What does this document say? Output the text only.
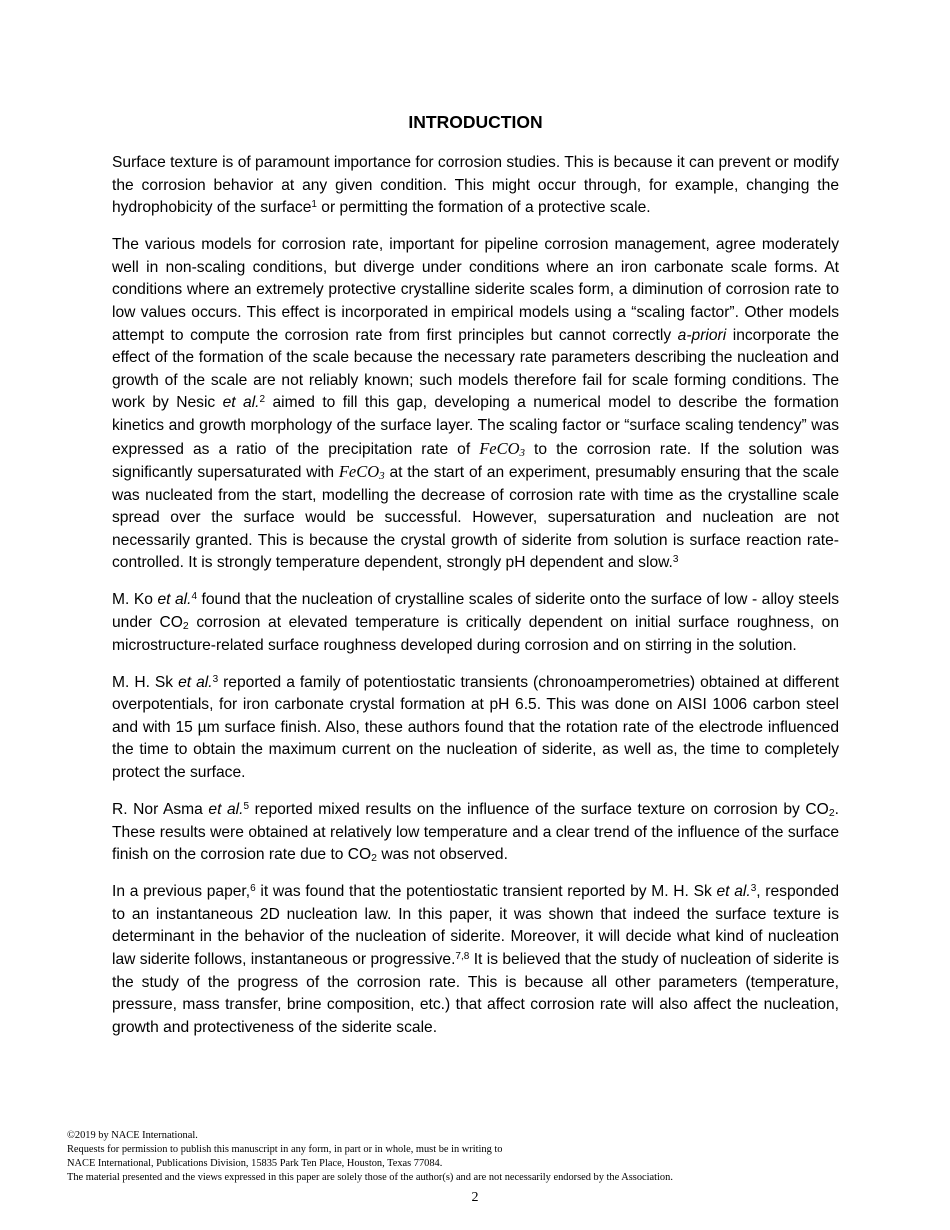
INTRODUCTION

Surface texture is of paramount importance for corrosion studies. This is because it can prevent or modify the corrosion behavior at any given condition. This might occur through, for example, changing the hydrophobicity of the surface$^1$ or permitting the formation of a protective scale.

The various models for corrosion rate, important for pipeline corrosion management, agree moderately well in non-scaling conditions, but diverge under conditions where an iron carbonate scale forms. At conditions where an extremely protective crystalline siderite scales form, a diminution of corrosion rate to low values occurs. This effect is incorporated in empirical models using a “scaling factor”. Other models attempt to compute the corrosion rate from first principles but cannot correctly a-priori incorporate the effect of the formation of the scale because the necessary rate parameters describing the nucleation and growth of the scale are not reliably known; such models therefore fail for scale forming conditions. The work by Nesic et al.$^2$ aimed to fill this gap, developing a numerical model to describe the formation kinetics and growth morphology of the surface layer. The scaling factor or “surface scaling tendency” was expressed as a ratio of the precipitation rate of FeCO$_3$ to the corrosion rate. If the solution was significantly supersaturated with FeCO$_3$ at the start of an experiment, presumably ensuring that the scale was nucleated from the start, modelling the decrease of corrosion rate with time as the crystalline scale spread over the surface would be successful. However, supersaturation and nucleation are not necessarily granted. This is because the crystal growth of siderite from solution is surface reaction rate-controlled. It is strongly temperature dependent, strongly pH dependent and slow.$^3$

M. Ko et al.$^4$ found that the nucleation of crystalline scales of siderite onto the surface of low - alloy steels under $CO_2$ corrosion at elevated temperature is critically dependent on initial surface roughness, on microstructure-related surface roughness developed during corrosion and on stirring in the solution.

M. H. Sk et al.$^3$ reported a family of potentiostatic transients (chronoamperometries) obtained at different overpotentials, for iron carbonate crystal formation at pH 6.5. This was done on AISI 1006 carbon steel and with 15 µm surface finish. Also, these authors found that the rotation rate of the electrode influenced the time to obtain the maximum current on the nucleation of siderite, as well as, the time to completely protect the surface.

R. Nor Asma et al.$^5$ reported mixed results on the influence of the surface texture on corrosion by $CO_2$. These results were obtained at relatively low temperature and a clear trend of the influence of the surface finish on the corrosion rate due to $CO_2$ was not observed.

In a previous paper,$^6$ it was found that the potentiostatic transient reported by M. H. Sk et al.$^3$, responded to an instantaneous 2D nucleation law. In this paper, it was shown that indeed the surface texture is determinant in the behavior of the nucleation of siderite. Moreover, it will decide what kind of nucleation law siderite follows, instantaneous or progressive.$^{7,8}$ It is believed that the study of nucleation of siderite is the study of the progress of the corrosion rate. This is because all other parameters (temperature, pressure, mass transfer, brine composition, etc.) that affect corrosion rate will also affect the nucleation, growth and protectiveness of the siderite scale.

©2019 by NACE International.
Requests for permission to publish this manuscript in any form, in part or in whole, must be in writing to
NACE International, Publications Division, 15835 Park Ten Place, Houston, Texas 77084.
The material presented and the views expressed in this paper are solely those of the author(s) and are not necessarily endorsed by the Association.
2
